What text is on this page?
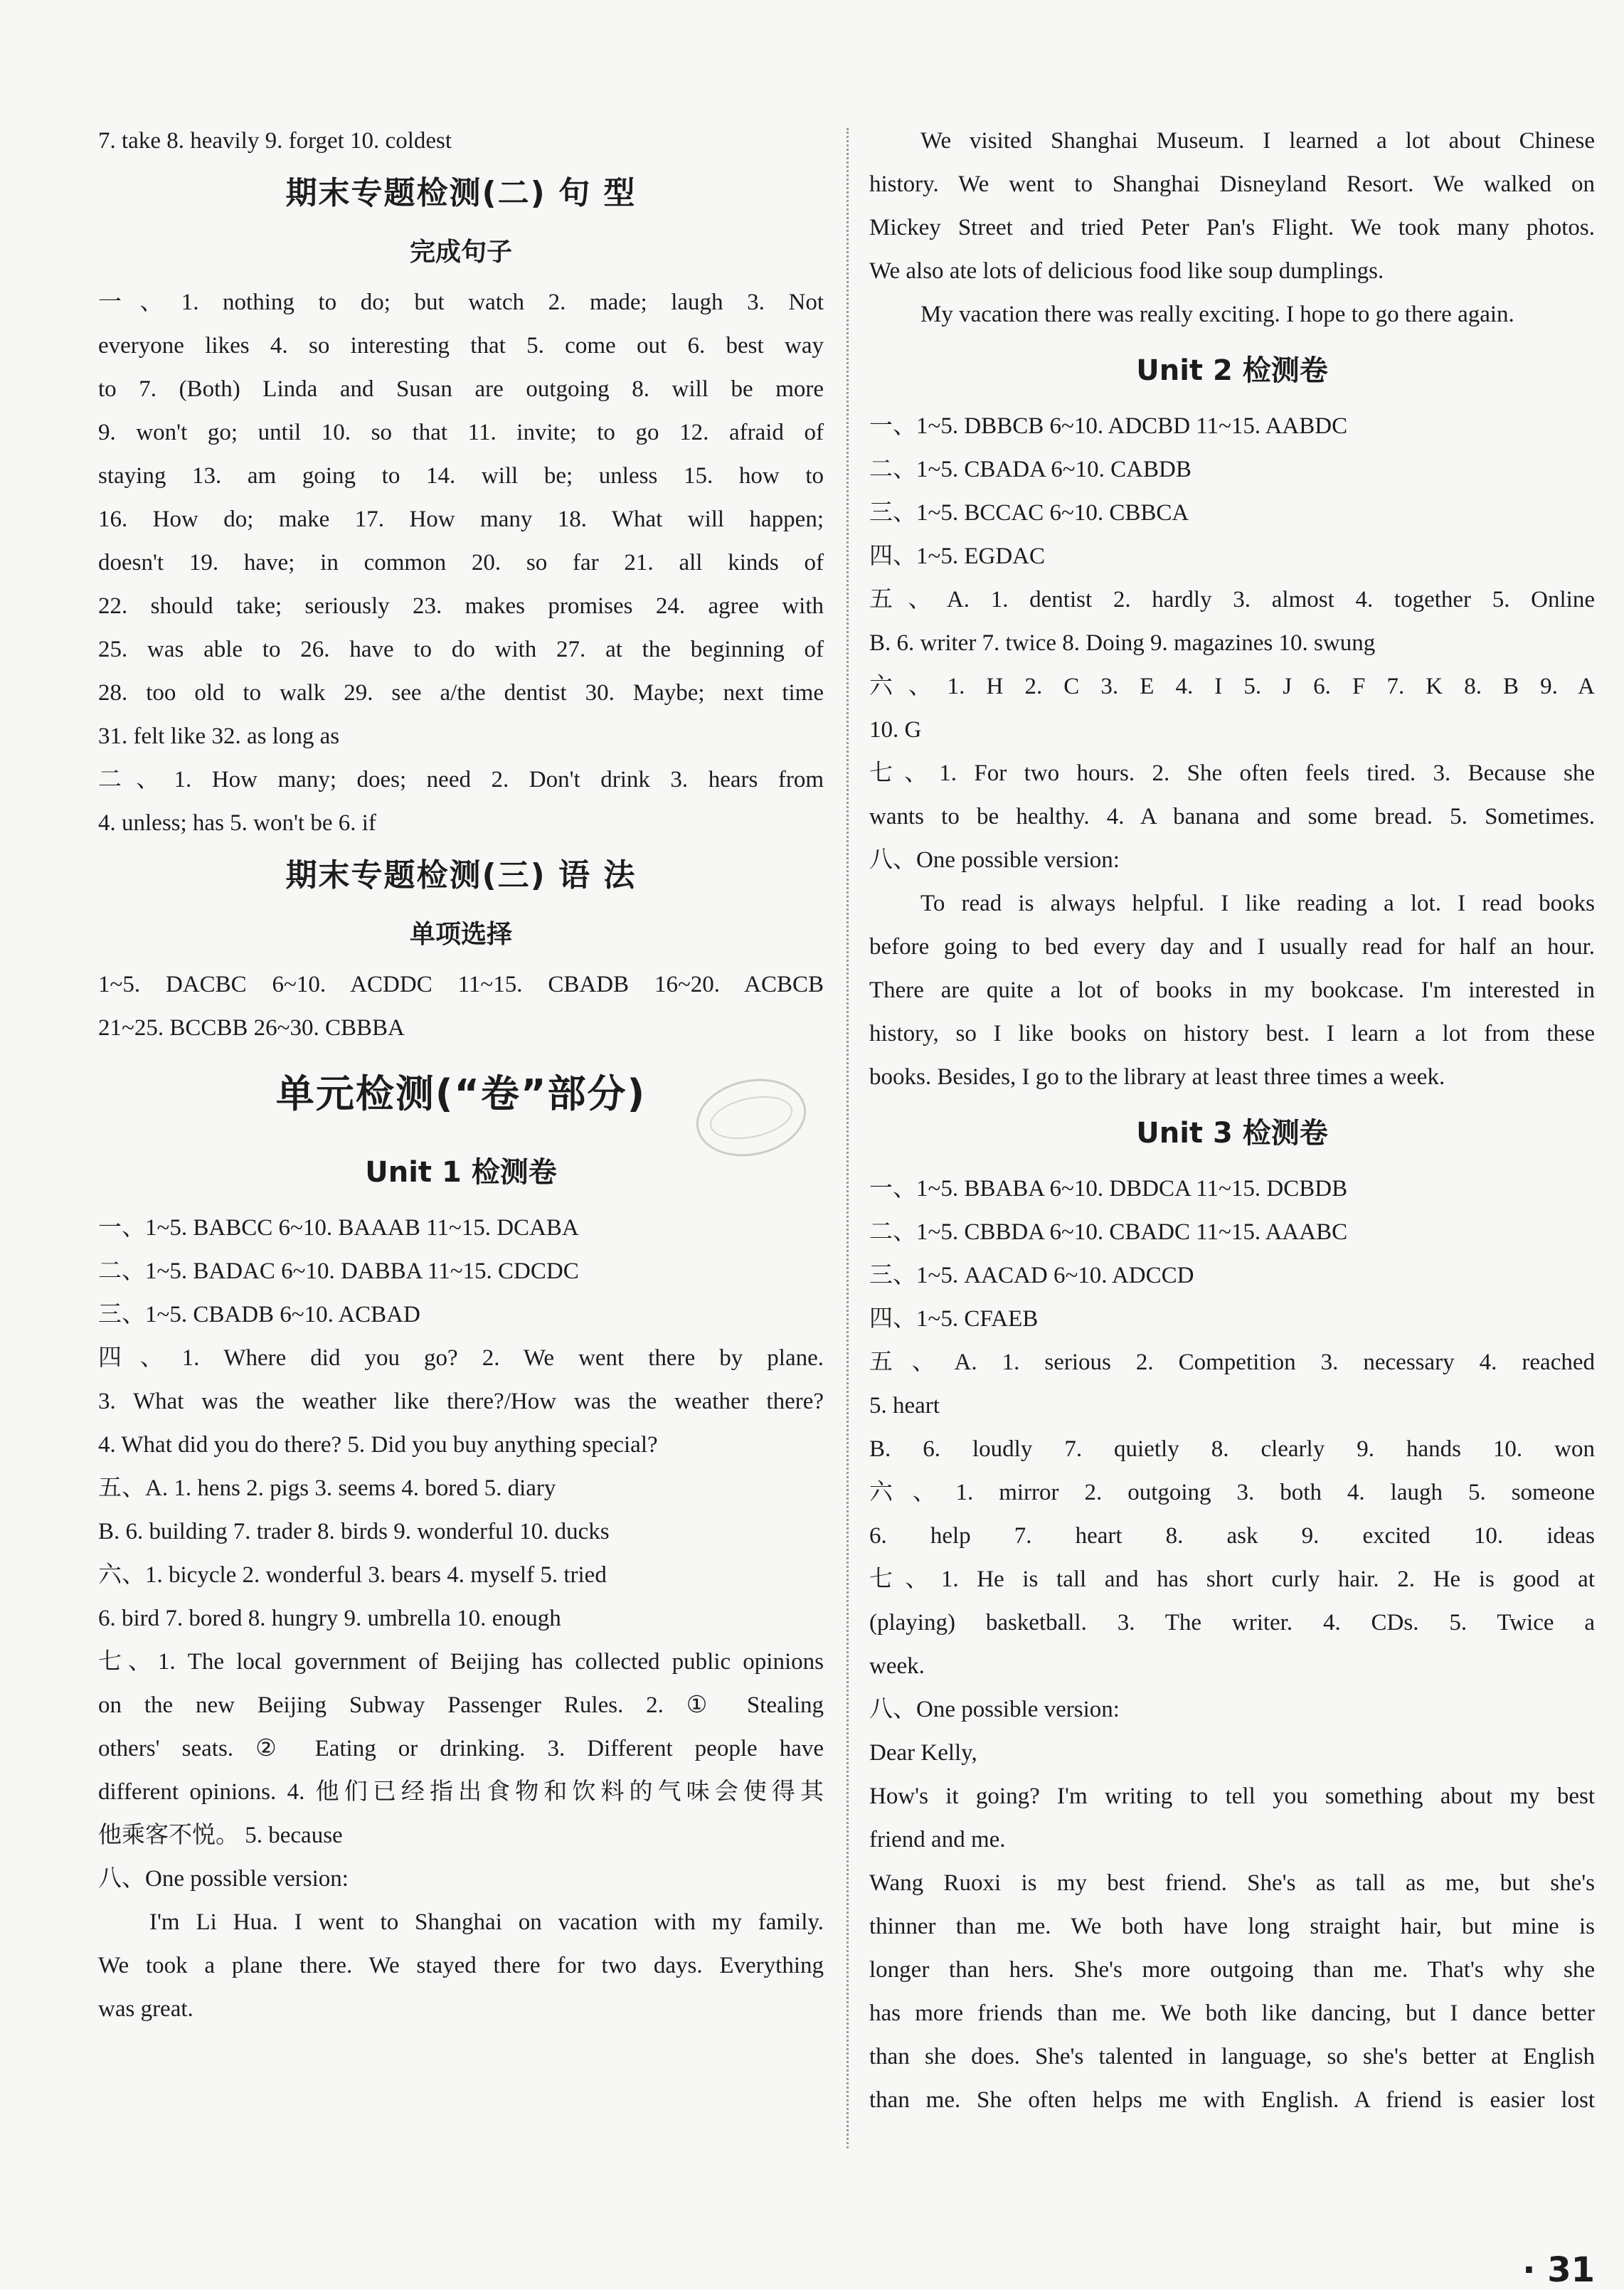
7. take 8. heavily 9. forget 10. coldest
期末专题检测(二) 句 型
完成句子
一、1. nothing to do; but watch 2. made; laugh 3. Not
everyone likes 4. so interesting that 5. come out 6. best way
to 7. (Both) Linda and Susan are outgoing 8. will be more
9. won't go; until 10. so that 11. invite; to go 12. afraid of
staying 13. am going to 14. will be; unless 15. how to
16. How do; make 17. How many 18. What will happen;
doesn't 19. have; in common 20. so far 21. all kinds of
22. should take; seriously 23. makes promises 24. agree with
25. was able to 26. have to do with 27. at the beginning of
28. too old to walk 29. see a/the dentist 30. Maybe; next time
31. felt like 32. as long as
二、1. How many; does; need 2. Don't drink 3. hears from
4. unless; has 5. won't be 6. if
期末专题检测(三) 语 法
单项选择
1~5. DACBC 6~10. ACDDC 11~15. CBADB 16~20. ACBCB
21~25. BCCBB 26~30. CBBBA
单元检测(“卷”部分)
Unit 1 检测卷
一、1~5. BABCC 6~10. BAAAB 11~15. DCABA
二、1~5. BADAC 6~10. DABBA 11~15. CDCDC
三、1~5. CBADB 6~10. ACBAD
四、1. Where did you go? 2. We went there by plane.
3. What was the weather like there?/How was the weather there?
4. What did you do there? 5. Did you buy anything special?
五、A. 1. hens 2. pigs 3. seems 4. bored 5. diary
B. 6. building 7. trader 8. birds 9. wonderful 10. ducks
六、1. bicycle 2. wonderful 3. bears 4. myself 5. tried
6. bird 7. bored 8. hungry 9. umbrella 10. enough
七、1. The local government of Beijing has collected public opinions
on the new Beijing Subway Passenger Rules. 2. ① Stealing
others' seats. ② Eating or drinking. 3. Different people have
different opinions. 4. 他们已经指出食物和饮料的气味会使得其
他乘客不悦。 5. because
八、One possible version:
I'm Li Hua. I went to Shanghai on vacation with my family.
We took a plane there. We stayed there for two days. Everything
was great.
We visited Shanghai Museum. I learned a lot about Chinese
history. We went to Shanghai Disneyland Resort. We walked on
Mickey Street and tried Peter Pan's Flight. We took many photos.
We also ate lots of delicious food like soup dumplings.
My vacation there was really exciting. I hope to go there again.
Unit 2 检测卷
一、1~5. DBBCB 6~10. ADCBD 11~15. AABDC
二、1~5. CBADA 6~10. CABDB
三、1~5. BCCAC 6~10. CBBCA
四、1~5. EGDAC
五、A. 1. dentist 2. hardly 3. almost 4. together 5. Online
B. 6. writer 7. twice 8. Doing 9. magazines 10. swung
六、1. H 2. C 3. E 4. I 5. J 6. F 7. K 8. B 9. A
10. G
七、1. For two hours. 2. She often feels tired. 3. Because she
wants to be healthy. 4. A banana and some bread. 5. Sometimes.
八、One possible version:
To read is always helpful. I like reading a lot. I read books
before going to bed every day and I usually read for half an hour.
There are quite a lot of books in my bookcase. I'm interested in
history, so I like books on history best. I learn a lot from these
books. Besides, I go to the library at least three times a week.
Unit 3 检测卷
一、1~5. BBABA 6~10. DBDCA 11~15. DCBDB
二、1~5. CBBDA 6~10. CBADC 11~15. AAABC
三、1~5. AACAD 6~10. ADCCD
四、1~5. CFAEB
五、A. 1. serious 2. Competition 3. necessary 4. reached
5. heart
B. 6. loudly 7. quietly 8. clearly 9. hands 10. won
六、1. mirror 2. outgoing 3. both 4. laugh 5. someone
6. help 7. heart 8. ask 9. excited 10. ideas
七、1. He is tall and has short curly hair. 2. He is good at
(playing) basketball. 3. The writer. 4. CDs. 5. Twice a
week.
八、One possible version:
Dear Kelly,
How's it going? I'm writing to tell you something about my best
friend and me.
Wang Ruoxi is my best friend. She's as tall as me, but she's
thinner than me. We both have long straight hair, but mine is
longer than hers. She's more outgoing than me. That's why she
has more friends than me. We both like dancing, but I dance better
than she does. She's talented in language, so she's better at English
than me. She often helps me with English. A friend is easier lost
· 31
